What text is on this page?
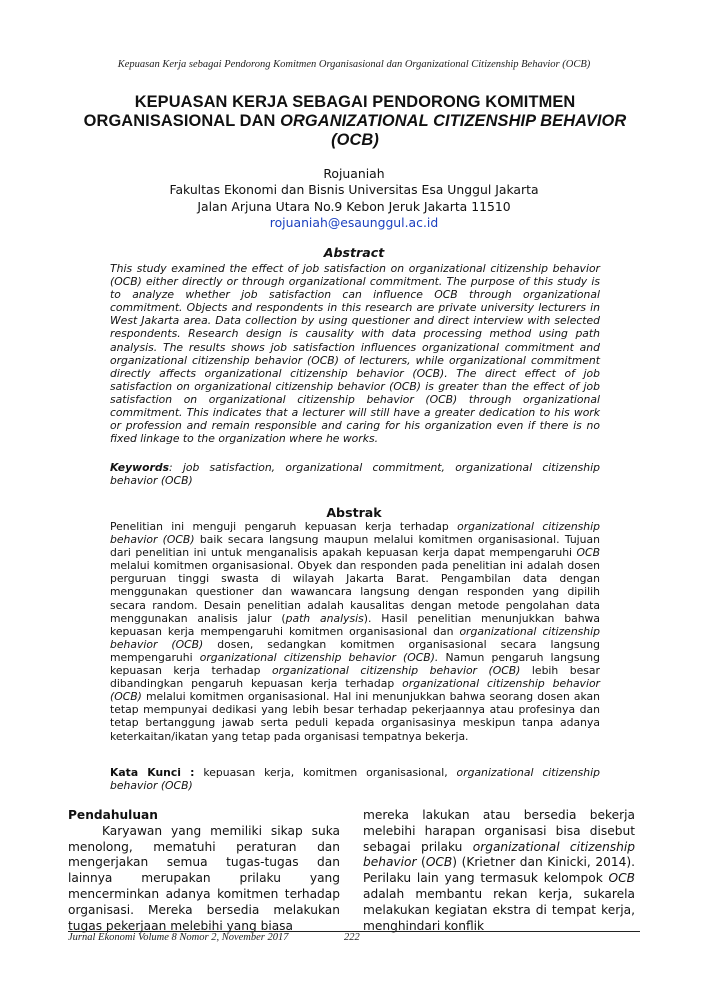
Kepuasan Kerja sebagai Pendorong Komitmen Organisasional dan Organizational Citizenship Behavior (OCB)
KEPUASAN KERJA SEBAGAI PENDORONG KOMITMEN
ORGANISASIONAL DAN ORGANIZATIONAL CITIZENSHIP BEHAVIOR
(OCB)
Rojuaniah
Fakultas Ekonomi dan Bisnis Universitas Esa Unggul Jakarta
Jalan Arjuna Utara No.9 Kebon Jeruk Jakarta 11510
rojuaniah@esaunggul.ac.id
Abstract
This study examined the effect of job satisfaction on organizational citizenship behavior (OCB) either directly or through organizational commitment. The purpose of this study is to analyze whether job satisfaction can influence OCB through organizational commitment. Objects and respondents in this research are private university lecturers in West Jakarta area. Data collection by using questioner and direct interview with selected respondents. Research design is causality with data processing method using path analysis. The results shows job satisfaction influences organizational commitment and organizational citizenship behavior (OCB) of lecturers, while organizational commitment directly affects organizational citizenship behavior (OCB). The direct effect of job satisfaction on organizational citizenship behavior (OCB) is greater than the effect of job satisfaction on organizational citizenship behavior (OCB) through organizational commitment. This indicates that a lecturer will still have a greater dedication to his work or profession and remain responsible and caring for his organization even if there is no fixed linkage to the organization where he works.
Keywords: job satisfaction, organizational commitment, organizational citizenship behavior (OCB)
Abstrak
Penelitian ini menguji pengaruh kepuasan kerja terhadap organizational citizenship behavior (OCB) baik secara langsung maupun melalui komitmen organisasional. Tujuan dari penelitian ini untuk menganalisis apakah kepuasan kerja dapat mempengaruhi OCB melalui komitmen organisasional. Obyek dan responden pada penelitian ini adalah dosen perguruan tinggi swasta di wilayah Jakarta Barat. Pengambilan data dengan menggunakan questioner dan wawancara langsung dengan responden yang dipilih secara random. Desain penelitian adalah kausalitas dengan metode pengolahan data menggunakan analisis jalur (path analysis). Hasil penelitian menunjukkan bahwa kepuasan kerja mempengaruhi komitmen organisasional dan organizational citizenship behavior (OCB) dosen, sedangkan komitmen organisasional secara langsung mempengaruhi organizational citizenship behavior (OCB). Namun pengaruh langsung kepuasan kerja terhadap organizational citizenship behavior (OCB) lebih besar dibandingkan pengaruh kepuasan kerja terhadap organizational citizenship behavior (OCB) melalui komitmen organisasional. Hal ini menunjukkan bahwa seorang dosen akan tetap mempunyai dedikasi yang lebih besar terhadap pekerjaannya atau profesinya dan tetap bertanggung jawab serta peduli kepada organisasinya meskipun tanpa adanya keterkaitan/ikatan yang tetap pada organisasi tempatnya bekerja.
Kata Kunci : kepuasan kerja, komitmen organisasional, organizational citizenship behavior (OCB)

Pendahuluan

Karyawan yang memiliki sikap suka menolong, mematuhi peraturan dan mengerjakan semua tugas-tugas dan lainnya merupakan prilaku yang mencerminkan adanya komitmen terhadap organisasi. Mereka bersedia melakukan tugas pekerjaan melebihi yang biasa
mereka lakukan atau bersedia bekerja melebihi harapan organisasi bisa disebut sebagai prilaku organizational citizenship behavior (OCB) (Krietner dan Kinicki, 2014). Perilaku lain yang termasuk kelompok OCB adalah membantu rekan kerja, sukarela melakukan kegiatan ekstra di tempat kerja, menghindari konflik
Jurnal Ekonomi Volume 8 Nomor 2, November 2017	222
